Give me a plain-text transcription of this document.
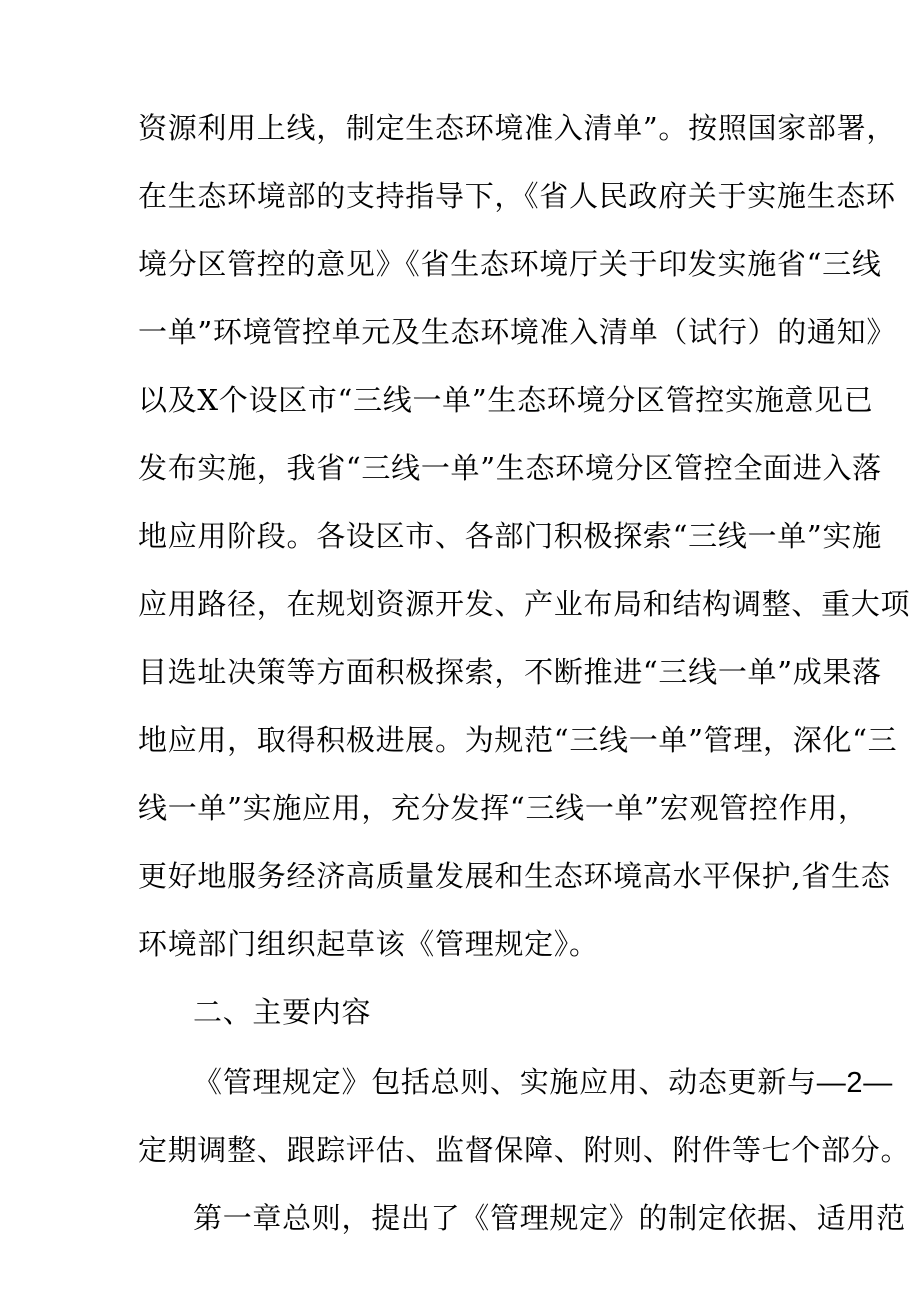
资源利用上线，制定生态环境准入清单”。按照国家部署，
在生态环境部的支持指导下，《省人民政府关于实施生态环
境分区管控的意见》《省生态环境厅关于印发实施省“三线
一单”环境管控单元及生态环境准入清单（试行）的通知》
以及X个设区市“三线一单”生态环境分区管控实施意见已
发布实施，我省“三线一单”生态环境分区管控全面进入落
地应用阶段。各设区市、各部门积极探索“三线一单”实施
应用路径，在规划资源开发、产业布局和结构调整、重大项
目选址决策等方面积极探索，不断推进“三线一单”成果落
地应用，取得积极进展。为规范“三线一单”管理，深化“三
线一单”实施应用，充分发挥“三线一单”宏观管控作用，
更好地服务经济高质量发展和生态环境高水平保护,省生态
环境部门组织起草该《管理规定》。
二、主要内容
《管理规定》包括总则、实施应用、动态更新与—2—
定期调整、跟踪评估、监督保障、附则、附件等七个部分。
第一章总则，提出了《管理规定》的制定依据、适用范
